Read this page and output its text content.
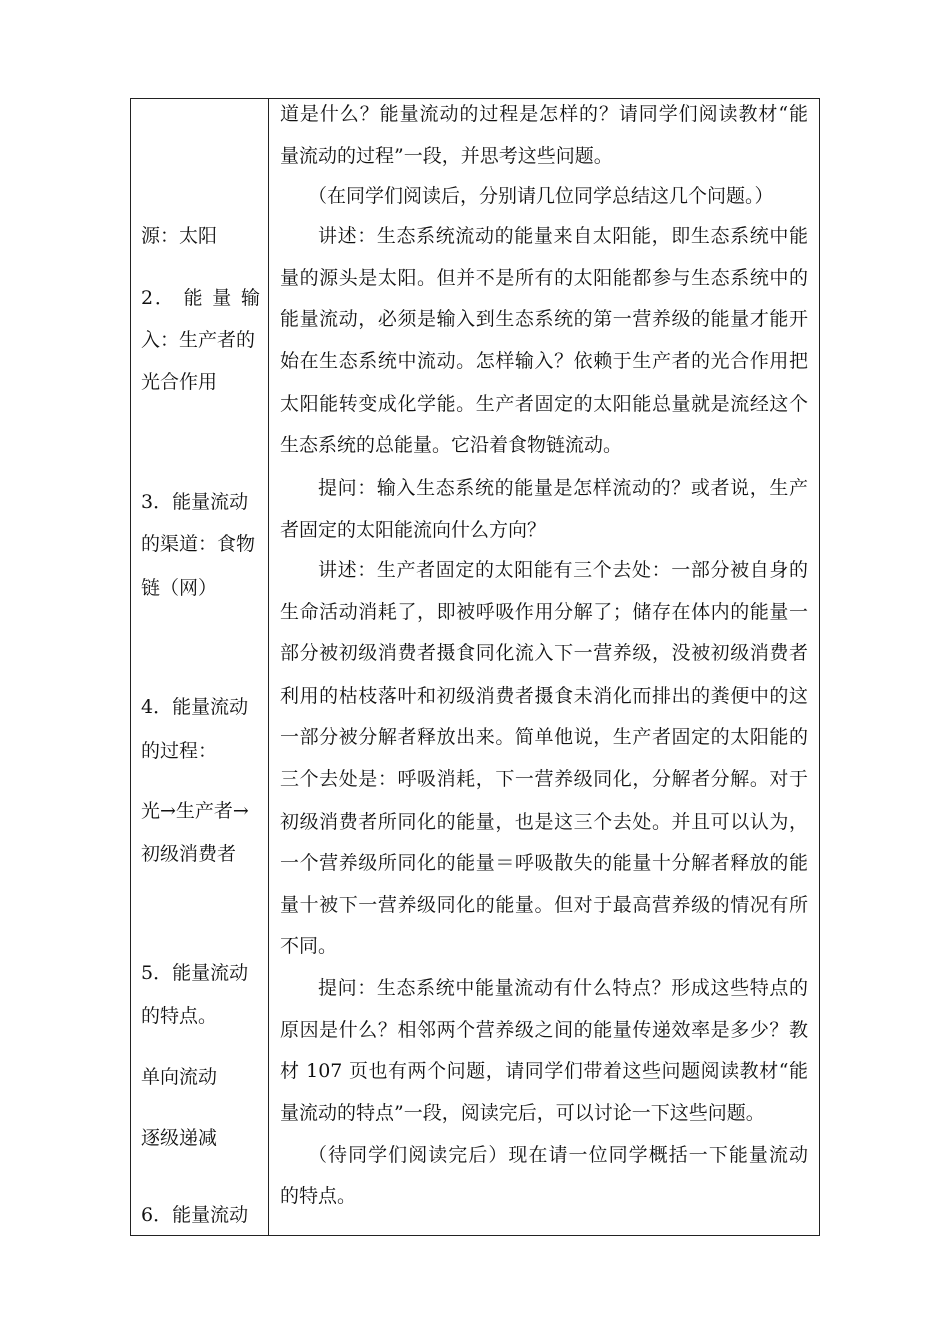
源：太阳
2． 能 量 输
入：生产者的
光合作用
3．能量流动
的渠道：食物
链（网）
4．能量流动
的过程：
光→生产者→
初级消费者
5．能量流动
的特点。
单向流动
逐级递减
6．能量流动
道是什么？能量流动的过程是怎样的？请同学们阅读教材“能
量流动的过程”一段，并思考这些问题。
（在同学们阅读后，分别请几位同学总结这几个问题。）
讲述：生态系统流动的能量来自太阳能，即生态系统中能
量的源头是太阳。但并不是所有的太阳能都参与生态系统中的
能量流动，必须是输入到生态系统的第一营养级的能量才能开
始在生态系统中流动。怎样输入？依赖于生产者的光合作用把
太阳能转变成化学能。生产者固定的太阳能总量就是流经这个
生态系统的总能量。它沿着食物链流动。
提问：输入生态系统的能量是怎样流动的？或者说，生产
者固定的太阳能流向什么方向？
讲述：生产者固定的太阳能有三个去处：一部分被自身的
生命活动消耗了，即被呼吸作用分解了；储存在体内的能量一
部分被初级消费者摄食同化流入下一营养级，没被初级消费者
利用的枯枝落叶和初级消费者摄食未消化而排出的粪便中的这
一部分被分解者释放出来。简单他说，生产者固定的太阳能的
三个去处是：呼吸消耗，下一营养级同化，分解者分解。对于
初级消费者所同化的能量，也是这三个去处。并且可以认为，
一个营养级所同化的能量＝呼吸散失的能量十分解者释放的能
量十被下一营养级同化的能量。但对于最高营养级的情况有所
不同。
提问：生态系统中能量流动有什么特点？形成这些特点的
原因是什么？相邻两个营养级之间的能量传递效率是多少？教
材 107 页也有两个问题，请同学们带着这些问题阅读教材“能
量流动的特点”一段，阅读完后，可以讨论一下这些问题。
（待同学们阅读完后）现在请一位同学概括一下能量流动
的特点。
